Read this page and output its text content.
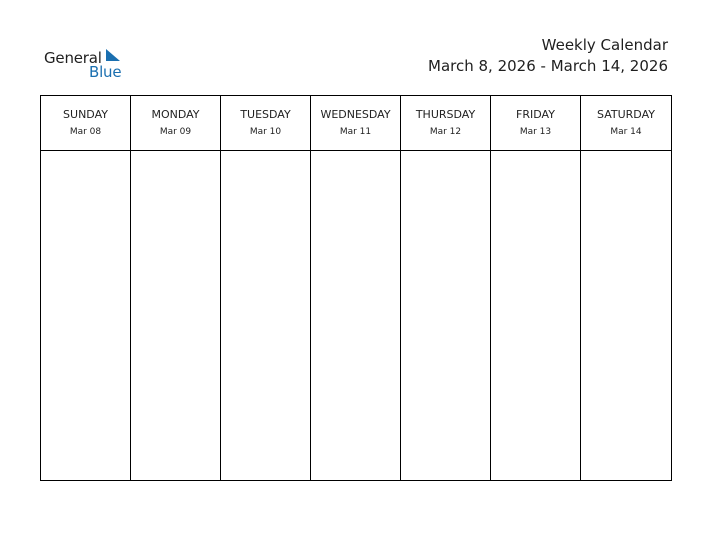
General
Blue
Weekly Calendar
March 8, 2026 - March 14, 2026
SUNDAY
Mar 08
MONDAY
Mar 09
TUESDAY
Mar 10
WEDNESDAY
Mar 11
THURSDAY
Mar 12
FRIDAY
Mar 13
SATURDAY
Mar 14
